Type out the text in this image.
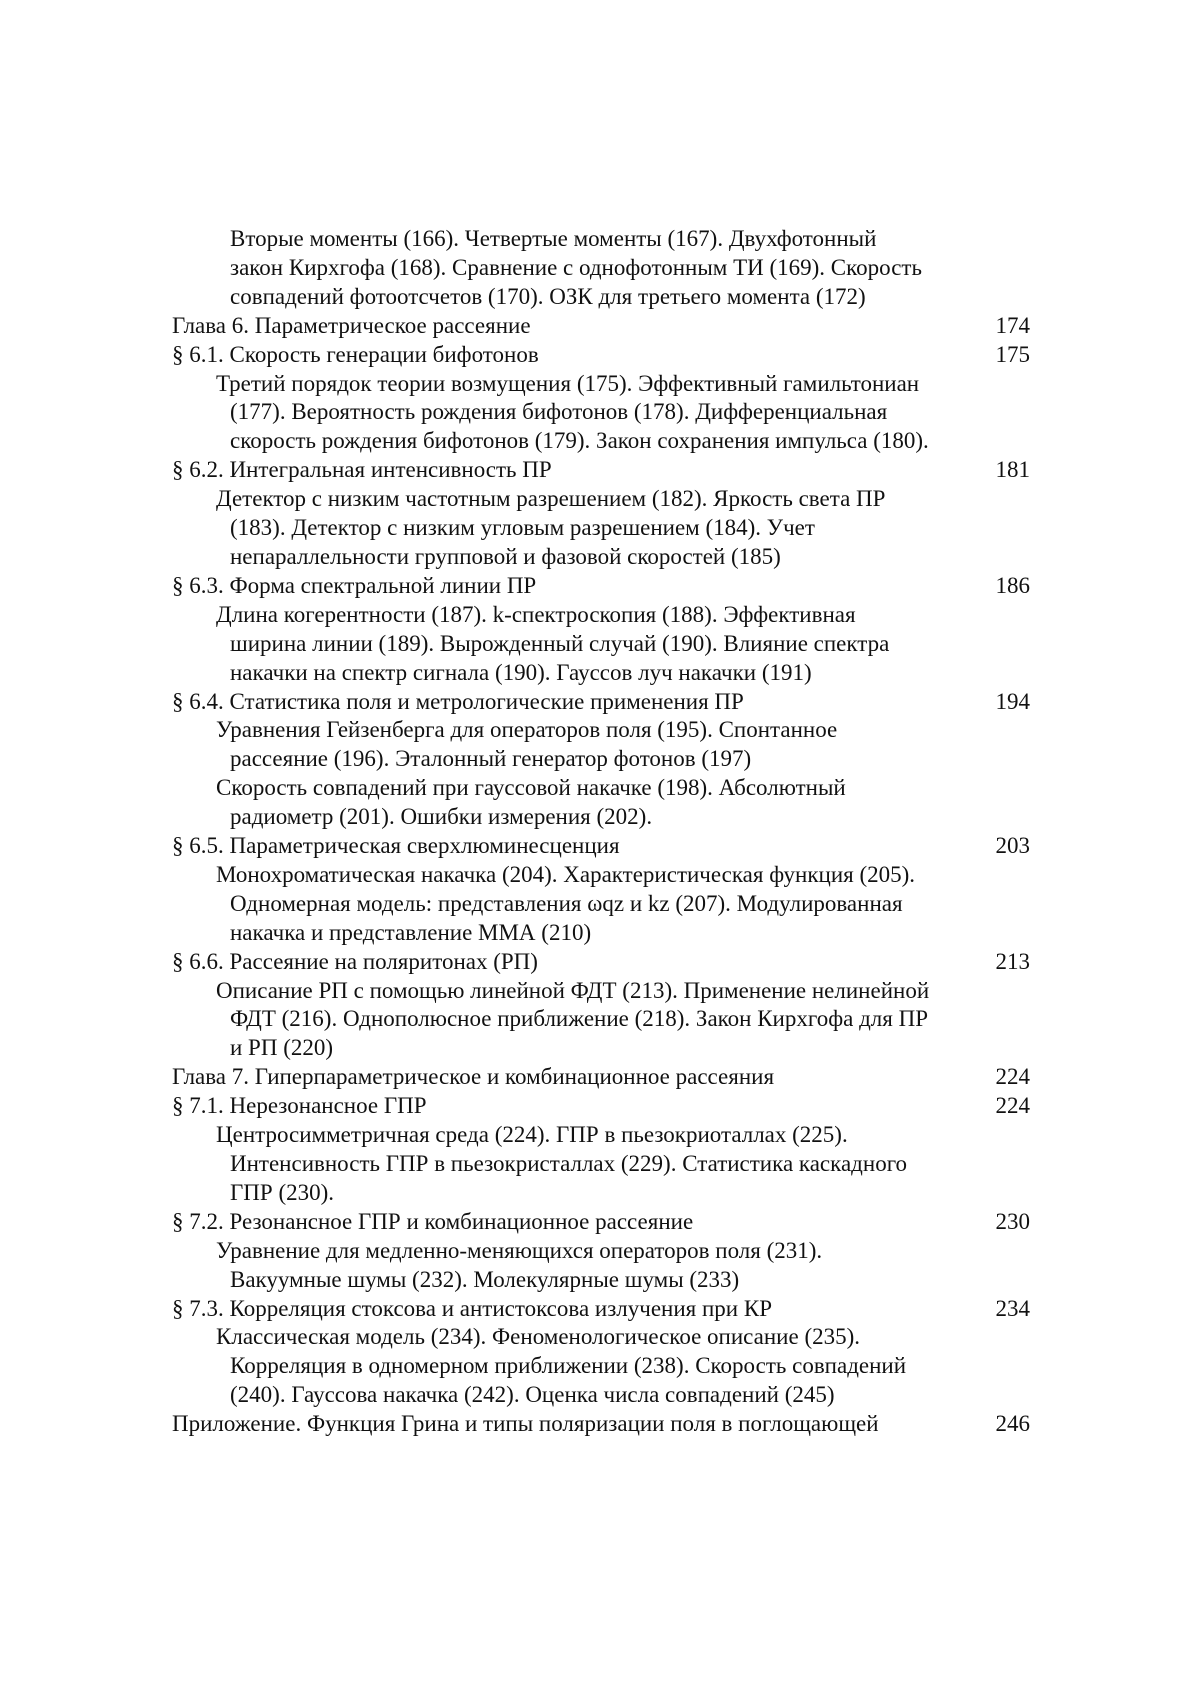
Вторые моменты (166). Четвертые моменты (167). Двухфотонный
закон Кирхгофа (168). Сравнение с однофотонным ТИ (169). Скорость
совпадений фотоотсчетов (170). ОЗК для третьего момента (172)
Глава 6. Параметрическое рассеяние	174
§ 6.1. Скорость генерации бифотонов	175
Третий порядок теории возмущения (175). Эффективный гамильтониан
(177). Вероятность рождения бифотонов (178). Дифференциальная
скорость рождения бифотонов (179). Закон сохранения импульса (180).
§ 6.2. Интегральная интенсивность ПР	181
Детектор с низким частотным разрешением (182). Яркость света ПР
(183). Детектор с низким угловым разрешением (184). Учет
непараллельности групповой и фазовой скоростей (185)
§ 6.3. Форма спектральной линии ПР	186
Длина когерентности (187). k-спектроскопия (188). Эффективная
ширина линии (189). Вырожденный случай (190). Влияние спектра
накачки на спектр сигнала (190). Гауссов луч накачки (191)
§ 6.4. Статистика поля и метрологические применения ПР	194
Уравнения Гейзенберга для операторов поля (195). Спонтанное
рассеяние (196). Эталонный генератор фотонов (197)
Скорость совпадений при гауссовой накачке (198). Абсолютный
радиометр (201). Ошибки измерения (202).
§ 6.5. Параметрическая сверхлюминесценция	203
Монохроматическая накачка (204). Характеристическая функция (205).
Одномерная модель: представления ωqz и kz (207). Модулированная
накачка и представление ММА (210)
§ 6.6. Рассеяние на поляритонах (РП)	213
Описание РП с помощью линейной ФДТ (213). Применение нелинейной
ФДТ (216). Однополюсное приближение (218). Закон Кирхгофа для ПР
и РП (220)
Глава 7. Гиперпараметрическое и комбинационное рассеяния	224
§ 7.1. Нерезонансное ГПР	224
Центросимметричная среда (224). ГПР в пьезокриоталлах (225).
Интенсивность ГПР в пьезокристаллах (229). Статистика каскадного
ГПР (230).
§ 7.2. Резонансное ГПР и комбинационное рассеяние	230
Уравнение для медленно-меняющихся операторов поля (231).
Вакуумные шумы (232). Молекулярные шумы (233)
§ 7.3. Корреляция стоксова и антистоксова излучения при КР	234
Классическая модель (234). Феноменологическое описание (235).
Корреляция в одномерном приближении (238). Скорость совпадений
(240). Гауссова накачка (242). Оценка числа совпадений (245)
Приложение. Функция Грина и типы поляризации поля в поглощающей	246
